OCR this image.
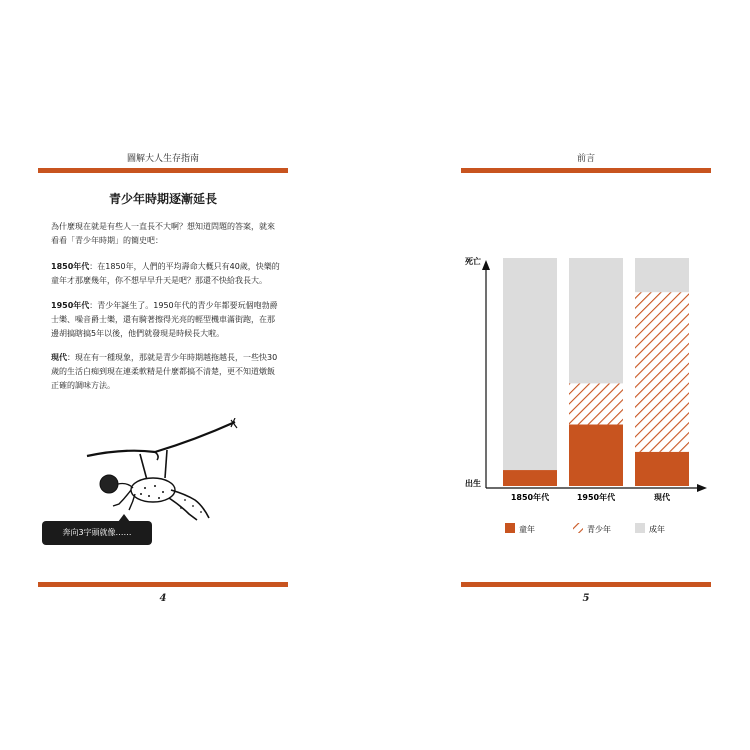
圖解大人生存指南
青少年時期逐漸延長

為什麼現在就是有些人一直長不大啊？想知道問題的答案，就來看看「青少年時期」的簡史吧：

1850年代：在1850年，人們的平均壽命大概只有40歲，快樂的童年才那麼幾年，你不想早早升天是吧？那還不快給我長大。

1950年代：青少年誕生了。1950年代的青少年都要玩個咆勃爵士樂、噪音爵士樂，還有騎著擦得光亮的輕型機車滿街跑，在那邊胡搞瞎搞5年以後，他們就發現是時候長大啦。

現代：現在有一種現象，那就是青少年時期越拖越長，一些快30歲的生活白痴到現在連柔軟精是什麼都搞不清楚，更不知道燉飯正確的調味方法。

奔向3字頭就像……
4
前言
5
死亡
出生
1850年代	1950年代	現代
童年	青少年	成年
